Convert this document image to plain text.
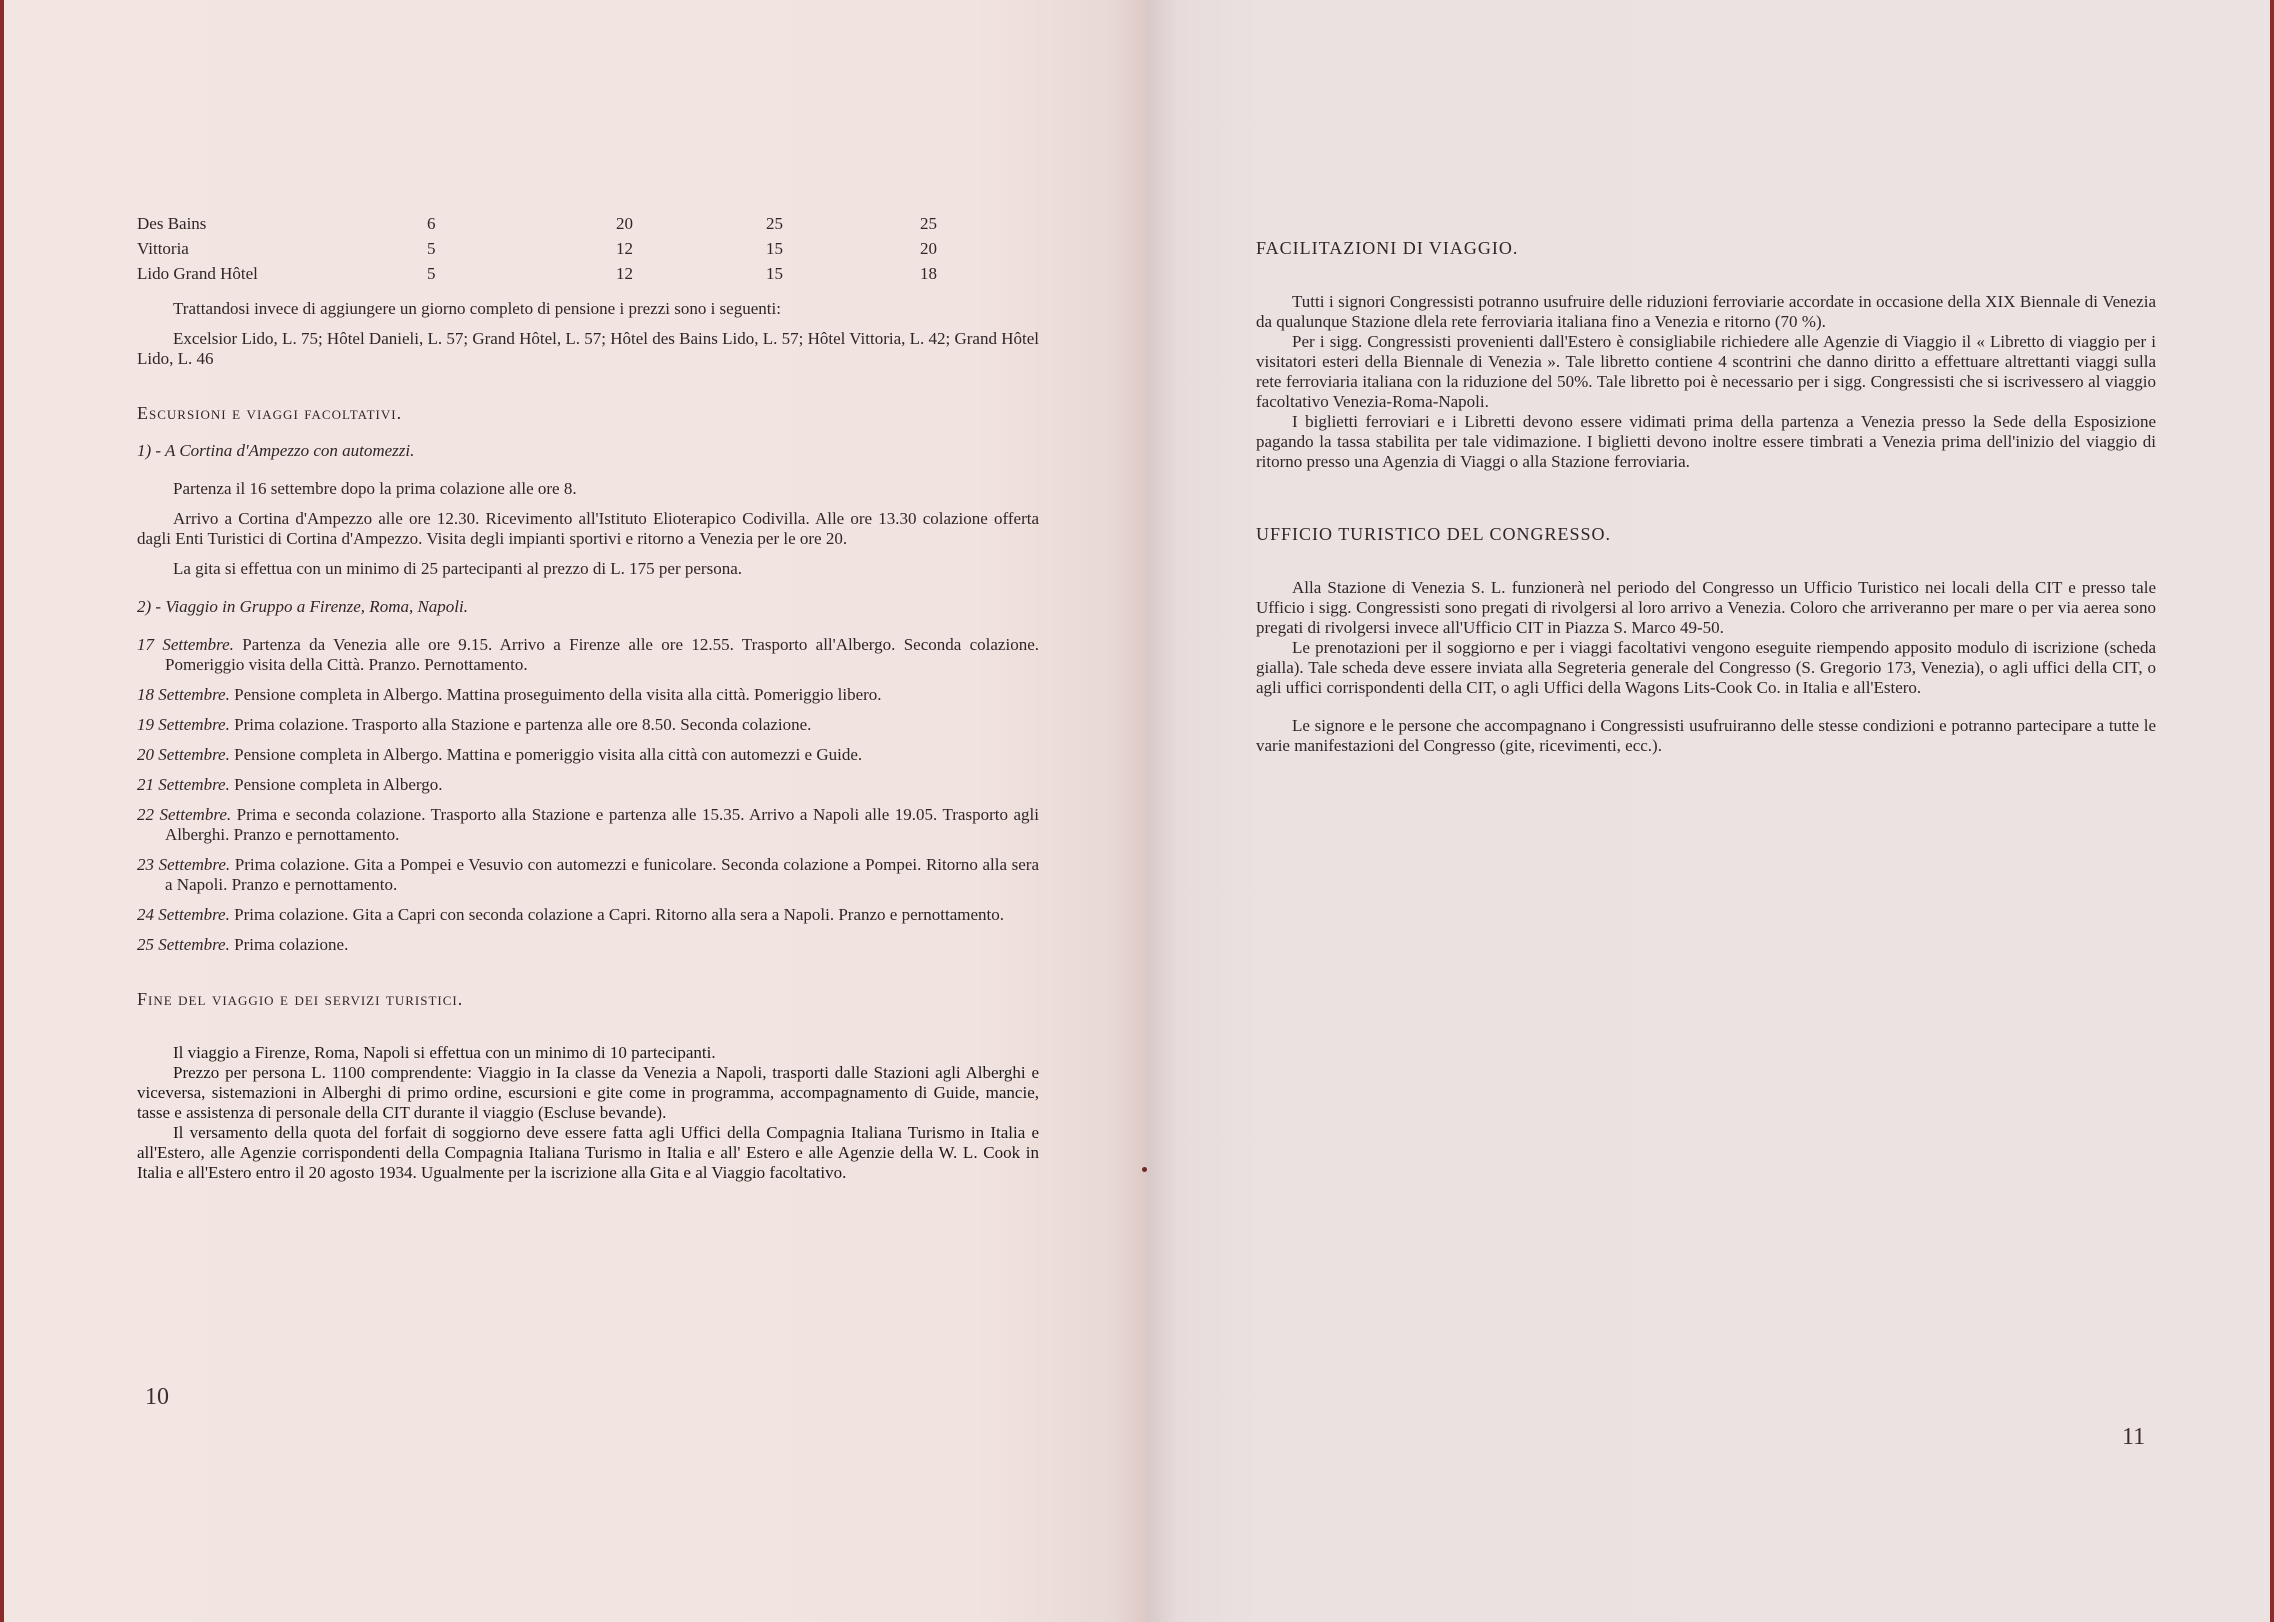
Des Bains	6	20	25	25
Vittoria	5	12	15	20
Lido Grand Hôtel	5	12	15	18

Trattandosi invece di aggiungere un giorno completo di pensione i prezzi sono i seguenti:

Excelsior Lido, L. 75; Hôtel Danieli, L. 57; Grand Hôtel, L. 57; Hôtel des Bains Lido, L. 57; Hôtel Vittoria, L. 42; Grand Hôtel Lido, L. 46

Escursioni e viaggi facoltativi.

1) - A Cortina d'Ampezzo con automezzi.

Partenza il 16 settembre dopo la prima colazione alle ore 8.

Arrivo a Cortina d'Ampezzo alle ore 12.30. Ricevimento all'Istituto Elioterapico Codivilla. Alle ore 13.30 colazione offerta dagli Enti Turistici di Cortina d'Ampezzo. Visita degli impianti sportivi e ritorno a Venezia per le ore 20.

La gita si effettua con un minimo di 25 partecipanti al prezzo di L. 175 per persona.

2) - Viaggio in Gruppo a Firenze, Roma, Napoli.

17 Settembre. Partenza da Venezia alle ore 9.15. Arrivo a Firenze alle ore 12.55. Trasporto all'Albergo. Seconda colazione. Pomeriggio visita della Città. Pranzo. Pernottamento.

18 Settembre. Pensione completa in Albergo. Mattina proseguimento della visita alla città. Pomeriggio libero.

19 Settembre. Prima colazione. Trasporto alla Stazione e partenza alle ore 8.50. Seconda colazione.

20 Settembre. Pensione completa in Albergo. Mattina e pomeriggio visita alla città con automezzi e Guide.

21 Settembre. Pensione completa in Albergo.

22 Settembre. Prima e seconda colazione. Trasporto alla Stazione e partenza alle 15.35. Arrivo a Napoli alle 19.05. Trasporto agli Alberghi. Pranzo e pernottamento.

23 Settembre. Prima colazione. Gita a Pompei e Vesuvio con automezzi e funicolare. Seconda colazione a Pompei. Ritorno alla sera a Napoli. Pranzo e pernottamento.

24 Settembre. Prima colazione. Gita a Capri con seconda colazione a Capri. Ritorno alla sera a Napoli. Pranzo e pernottamento.

25 Settembre. Prima colazione.

Fine del viaggio e dei servizi turistici.

Il viaggio a Firenze, Roma, Napoli si effettua con un minimo di 10 partecipanti.

Prezzo per persona L. 1100 comprendente: Viaggio in Ia classe da Venezia a Napoli, trasporti dalle Stazioni agli Alberghi e viceversa, sistemazioni in Alberghi di primo ordine, escursioni e gite come in programma, accompagnamento di Guide, mancie, tasse e assistenza di personale della CIT durante il viaggio (Escluse bevande).

Il versamento della quota del forfait di soggiorno deve essere fatta agli Uffici della Compagnia Italiana Turismo in Italia e all'Estero, alle Agenzie corrispondenti della Compagnia Italiana Turismo in Italia e all' Estero e alle Agenzie della W. L. Cook in Italia e all'Estero entro il 20 agosto 1934. Ugualmente per la iscrizione alla Gita e al Viaggio facoltativo.

10

FACILITAZIONI DI VIAGGIO.

Tutti i signori Congressisti potranno usufruire delle riduzioni ferroviarie accordate in occasione della XIX Biennale di Venezia da qualunque Stazione dlela rete ferroviaria italiana fino a Venezia e ritorno (70 %).

Per i sigg. Congressisti provenienti dall'Estero è consigliabile richiedere alle Agenzie di Viaggio il « Libretto di viaggio per i visitatori esteri della Biennale di Venezia ». Tale libretto contiene 4 scontrini che danno diritto a effettuare altrettanti viaggi sulla rete ferroviaria italiana con la riduzione del 50%. Tale libretto poi è necessario per i sigg. Congressisti che si iscrivessero al viaggio facoltativo Venezia-Roma-Napoli.

I biglietti ferroviari e i Libretti devono essere vidimati prima della partenza a Venezia presso la Sede della Esposizione pagando la tassa stabilita per tale vidimazione. I biglietti devono inoltre essere timbrati a Venezia prima dell'inizio del viaggio di ritorno presso una Agenzia di Viaggi o alla Stazione ferroviaria.

UFFICIO TURISTICO DEL CONGRESSO.

Alla Stazione di Venezia S. L. funzionerà nel periodo del Congresso un Ufficio Turistico nei locali della CIT e presso tale Ufficio i sigg. Congressisti sono pregati di rivolgersi al loro arrivo a Venezia. Coloro che arriveranno per mare o per via aerea sono pregati di rivolgersi invece all'Ufficio CIT in Piazza S. Marco 49-50.

Le prenotazioni per il soggiorno e per i viaggi facoltativi vengono eseguite riempendo apposito modulo di iscrizione (scheda gialla). Tale scheda deve essere inviata alla Segreteria generale del Congresso (S. Gregorio 173, Venezia), o agli uffici della CIT, o agli uffici corrispondenti della CIT, o agli Uffici della Wagons Lits-Cook Co. in Italia e all'Estero.

Le signore e le persone che accompagnano i Congressisti usufruiranno delle stesse condizioni e potranno partecipare a tutte le varie manifestazioni del Congresso (gite, ricevimenti, ecc.).

11
